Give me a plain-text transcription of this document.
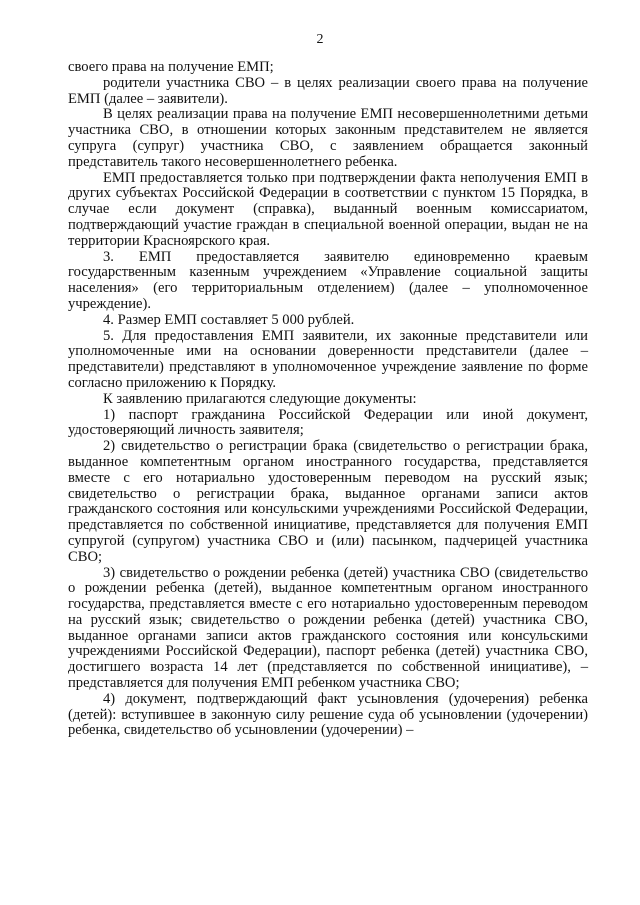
2

своего права на получение ЕМП;

родители участника СВО – в целях реализации своего права на получение ЕМП (далее – заявители).

В целях реализации права на получение ЕМП несовершеннолетними детьми участника СВО, в отношении которых законным представителем не является супруга (супруг) участника СВО, с заявлением обращается законный представитель такого несовершеннолетнего ребенка.

ЕМП предоставляется только при подтверждении факта неполучения ЕМП в других субъектах Российской Федерации в соответствии с пунктом 15 Порядка, в случае если документ (справка), выданный военным комиссариатом, подтверждающий участие граждан в специальной военной операции, выдан не на территории Красноярского края.

3. ЕМП предоставляется заявителю единовременно краевым государственным казенным учреждением «Управление социальной защиты населения» (его территориальным отделением) (далее – уполномоченное учреждение).

4. Размер ЕМП составляет 5 000 рублей.

5. Для предоставления ЕМП заявители, их законные представители или уполномоченные ими на основании доверенности представители (далее – представители) представляют в уполномоченное учреждение заявление по форме согласно приложению к Порядку.

К заявлению прилагаются следующие документы:

1) паспорт гражданина Российской Федерации или иной документ, удостоверяющий личность заявителя;

2) свидетельство о регистрации брака (свидетельство о регистрации брака, выданное компетентным органом иностранного государства, представляется вместе с его нотариально удостоверенным переводом на русский язык; свидетельство о регистрации брака, выданное органами записи актов гражданского состояния или консульскими учреждениями Российской Федерации, представляется по собственной инициативе, представляется для получения ЕМП супругой (супругом) участника СВО и (или) пасынком, падчерицей участника СВО;

3) свидетельство о рождении ребенка (детей) участника СВО (свидетельство о рождении ребенка (детей), выданное компетентным органом иностранного государства, представляется вместе с его нотариально удостоверенным переводом на русский язык; свидетельство о рождении ребенка (детей) участника СВО, выданное органами записи актов гражданского состояния или консульскими учреждениями Российской Федерации), паспорт ребенка (детей) участника СВО, достигшего возраста 14 лет (представляется по собственной инициативе), – представляется для получения ЕМП ребенком участника СВО;

4) документ, подтверждающий факт усыновления (удочерения) ребенка (детей): вступившее в законную силу решение суда об усыновлении (удочерении) ребенка, свидетельство об усыновлении (удочерении) –
